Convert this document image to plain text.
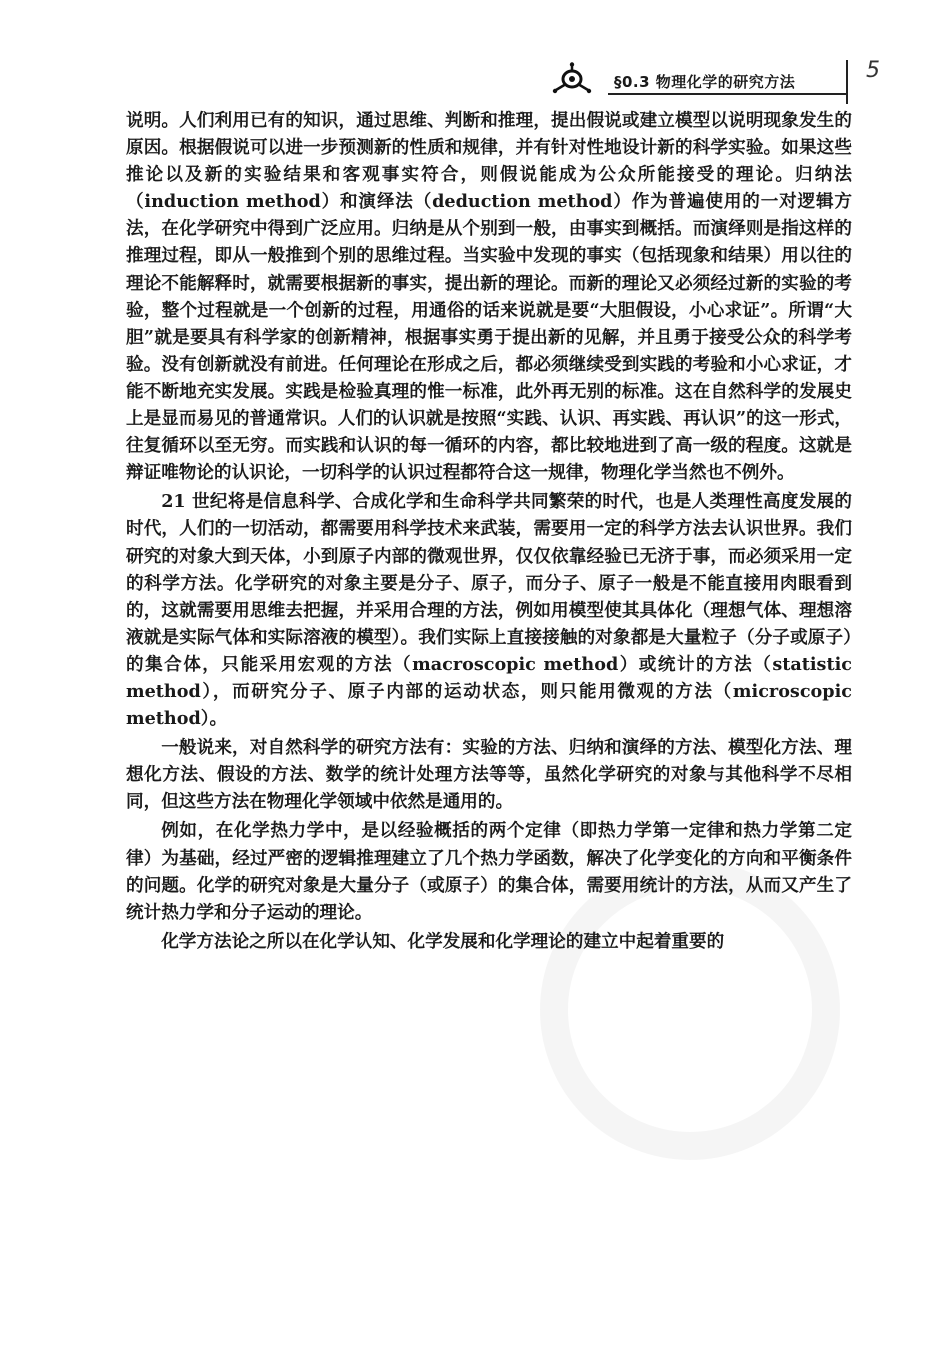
§0.3 物理化学的研究方法	5

说明。人们利用已有的知识，通过思维、判断和推理，提出假说或建立模型以说明现象发生的原因。根据假说可以进一步预测新的性质和规律，并有针对性地设计新的科学实验。如果这些推论以及新的实验结果和客观事实符合，则假说能成为公众所能接受的理论。归纳法（induction method）和演绎法（deduction method）作为普遍使用的一对逻辑方法，在化学研究中得到广泛应用。归纳是从个别到一般，由事实到概括。而演绎则是指这样的推理过程，即从一般推到个别的思维过程。当实验中发现的事实（包括现象和结果）用以往的理论不能解释时，就需要根据新的事实，提出新的理论。而新的理论又必须经过新的实验的考验，整个过程就是一个创新的过程，用通俗的话来说就是要“大胆假设，小心求证”。所谓“大胆”就是要具有科学家的创新精神，根据事实勇于提出新的见解，并且勇于接受公众的科学考验。没有创新就没有前进。任何理论在形成之后，都必须继续受到实践的考验和小心求证，才能不断地充实发展。实践是检验真理的惟一标准，此外再无别的标准。这在自然科学的发展史上是显而易见的普通常识。人们的认识就是按照“实践、认识、再实践、再认识”的这一形式，往复循环以至无穷。而实践和认识的每一循环的内容，都比较地进到了高一级的程度。这就是辩证唯物论的认识论，一切科学的认识过程都符合这一规律，物理化学当然也不例外。

21 世纪将是信息科学、合成化学和生命科学共同繁荣的时代，也是人类理性高度发展的时代，人们的一切活动，都需要用科学技术来武装，需要用一定的科学方法去认识世界。我们研究的对象大到天体，小到原子内部的微观世界，仅仅依靠经验已无济于事，而必须采用一定的科学方法。化学研究的对象主要是分子、原子，而分子、原子一般是不能直接用肉眼看到的，这就需要用思维去把握，并采用合理的方法，例如用模型使其具体化（理想气体、理想溶液就是实际气体和实际溶液的模型）。我们实际上直接接触的对象都是大量粒子（分子或原子）的集合体，只能采用宏观的方法（macroscopic method）或统计的方法（statistic method），而研究分子、原子内部的运动状态，则只能用微观的方法（microscopic method）。

一般说来，对自然科学的研究方法有：实验的方法、归纳和演绎的方法、模型化方法、理想化方法、假设的方法、数学的统计处理方法等等，虽然化学研究的对象与其他科学不尽相同，但这些方法在物理化学领域中依然是通用的。

例如，在化学热力学中，是以经验概括的两个定律（即热力学第一定律和热力学第二定律）为基础，经过严密的逻辑推理建立了几个热力学函数，解决了化学变化的方向和平衡条件的问题。化学的研究对象是大量分子（或原子）的集合体，需要用统计的方法，从而又产生了统计热力学和分子运动的理论。

化学方法论之所以在化学认知、化学发展和化学理论的建立中起着重要的
